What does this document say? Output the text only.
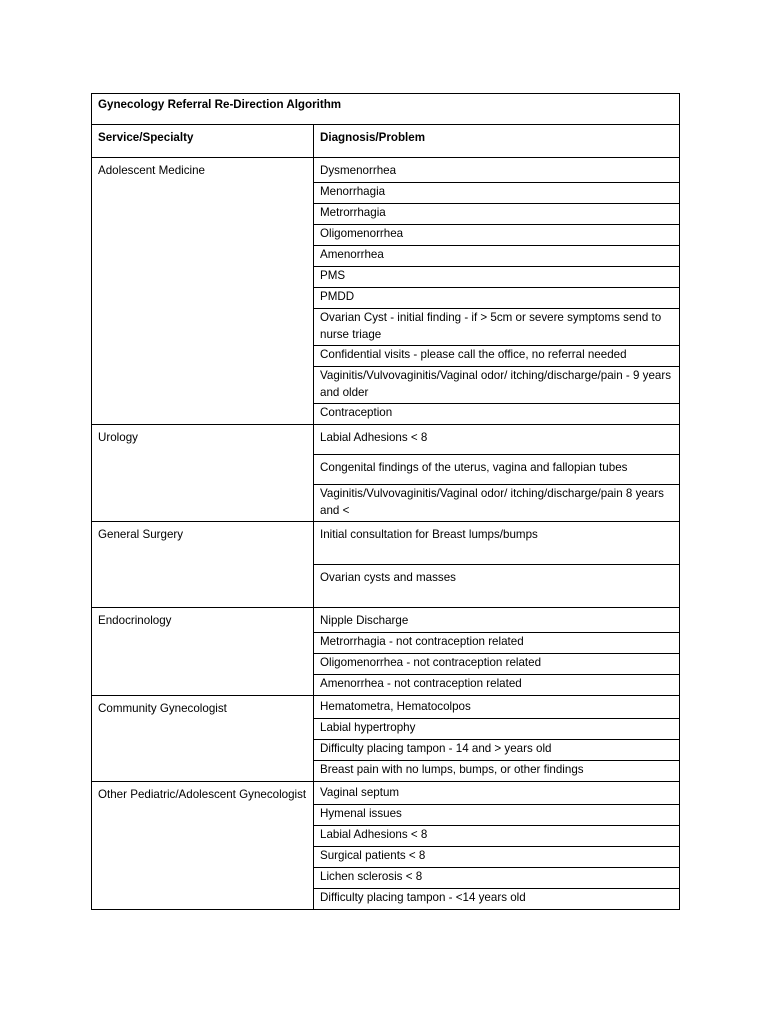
Gynecology Referral Re-Direction Algorithm	
Service/Specialty	Diagnosis/Problem
Adolescent Medicine	Dysmenorrhea
	Menorrhagia
	Metrorrhagia
	Oligomenorrhea
	Amenorrhea
	PMS
	PMDD
	Ovarian Cyst - initial finding - if > 5cm or severe symptoms send to nurse triage
	Confidential visits - please call the office, no referral needed
	Vaginitis/Vulvovaginitis/Vaginal odor/ itching/discharge/pain - 9 years and older
	Contraception
Urology	Labial Adhesions < 8
	Congenital findings of the uterus, vagina and fallopian tubes
	Vaginitis/Vulvovaginitis/Vaginal odor/ itching/discharge/pain 8 years and <
General Surgery	Initial consultation for Breast lumps/bumps
	Ovarian cysts and masses
Endocrinology	Nipple Discharge
	Metrorrhagia - not contraception related
	Oligomenorrhea - not contraception related
	Amenorrhea - not contraception related
Community Gynecologist	Hematometra, Hematocolpos
	Labial hypertrophy
	Difficulty placing tampon - 14 and > years old
	Breast pain with no lumps, bumps, or other findings
Other Pediatric/Adolescent Gynecologist	Vaginal septum
	Hymenal issues
	Labial Adhesions < 8
	Surgical patients < 8
	Lichen sclerosis < 8
	Difficulty placing tampon - <14 years old
